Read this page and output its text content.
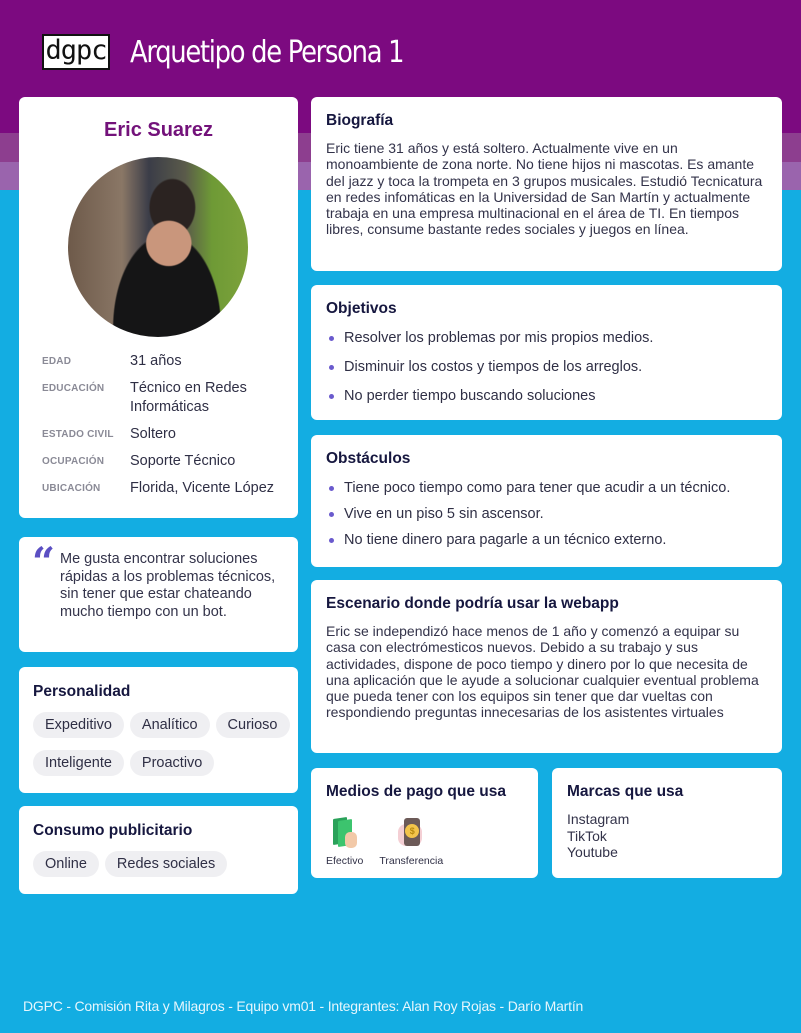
dgpc Arquetipo de Persona 1
Eric Suarez
EDAD	31 años
EDUCACIÓN	Técnico en Redes Informáticas
ESTADO CIVIL	Soltero
OCUPACIÓN	Soporte Técnico
UBICACIÓN	Florida, Vicente López
“ Me gusta encontrar soluciones rápidas a los problemas técnicos, sin tener que estar chateando mucho tiempo con un bot.
Personalidad
Expeditivo	Analítico	Curioso
Inteligente	Proactivo
Consumo publicitario
Online	Redes sociales
Biografía

Eric tiene 31 años y está soltero. Actualmente vive en un monoambiente de zona norte. No tiene hijos ni mascotas. Es amante del jazz y toca la trompeta en 3 grupos musicales. Estudió Tecnicatura en redes infomáticas en la Universidad de San Martín y actualmente trabaja en una empresa multinacional en el área de TI. En tiempos libres, consume bastante redes sociales y juegos en línea.

Objetivos
Resolver los problemas por mis propios medios.
Disminuir los costos y tiempos de los arreglos.
No perder tiempo buscando soluciones
Obstáculos
Tiene poco tiempo como para tener que acudir a un técnico.
Vive en un piso 5 sin ascensor.
No tiene dinero para pagarle a un técnico externo.
Escenario donde podría usar la webapp

Eric se independizó hace menos de 1 año y comenzó a equipar su casa con electrómesticos nuevos. Debido a su trabajo y sus actividades, dispone de poco tiempo y dinero por lo que necesita de una aplicación que le ayude a solucionar cualquier eventual problema que pueda tener con los equipos sin tener que dar vueltas con respondiendo preguntas innecesarias de los asistentes virtuales

Medios de pago que usa
Efectivo
$
Transferencia
Marcas que usa
Instagram
TikTok
Youtube
DGPC - Comisión Rita y Milagros - Equipo vm01 - Integrantes: Alan Roy Rojas - Darío Martín
